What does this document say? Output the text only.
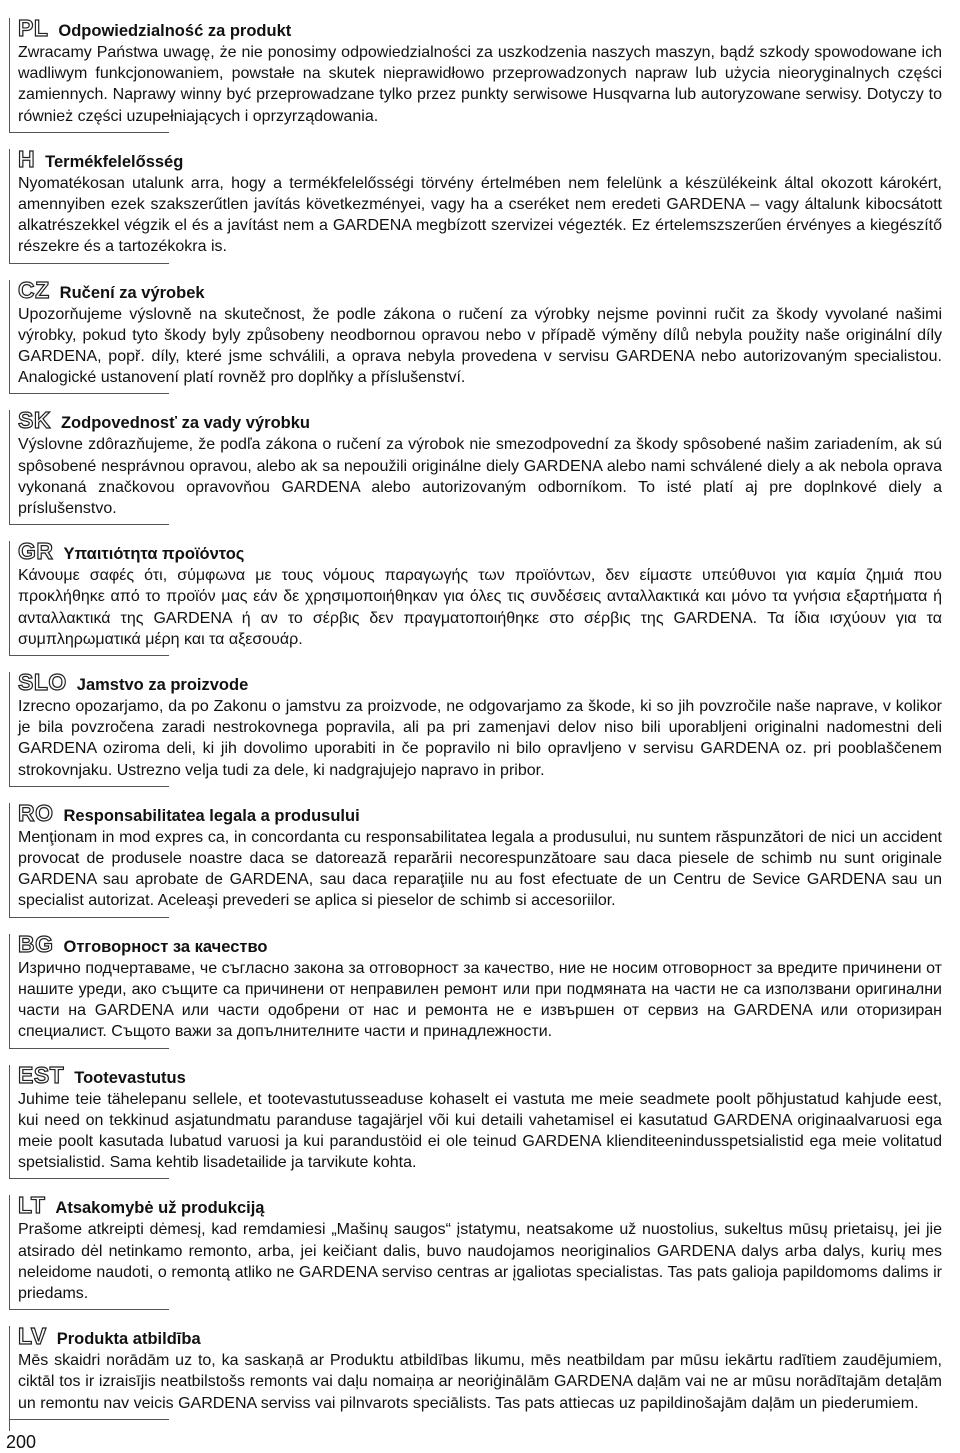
PL Odpowiedzialność za produkt
Zwracamy Państwa uwagę, że nie ponosimy odpowiedzialności za uszkodzenia naszych maszyn, bądź szkody spowodowane ich wadliwym funkcjonowaniem, powstałe na skutek nieprawidłowo przeprowadzonych napraw lub użycia nieoryginalnych części zamiennych. Naprawy winny być przeprowadzane tylko przez punkty serwisowe Husqvarna lub autoryzowane serwisy. Dotyczy to również części uzupełniających i oprzyrządowania.
H Termékfelelősség
Nyomatékosan utalunk arra, hogy a termékfelelősségi törvény értelmében nem felelünk a készülékeink által okozott károkért, amennyiben ezek szakszerűtlen javítás következményei, vagy ha a cseréket nem eredeti GARDENA – vagy általunk kibocsátott alkatrészekkel végzik el és a javítást nem a GARDENA megbízott szervizei végezték. Ez értelemszszerűen érvényes a kiegészítő részekre és a tartozékokra is.
CZ Ručení za výrobek
Upozorňujeme výslovně na skutečnost, že podle zákona o ručení za výrobky nejsme povinni ručit za škody vyvolané našimi výrobky, pokud tyto škody byly způsobeny neodbornou opravou nebo v případě výměny dílů nebyla použity naše originální díly GARDENA, popř. díly, které jsme schválili, a oprava nebyla provedena v servisu GARDENA nebo autorizovaným specialistou. Analogické ustanovení platí rovněž pro doplňky a příslušenství.
SK Zodpovednosť za vady výrobku
Výslovne zdôrazňujeme, že podľa zákona o ručení za výrobok nie smezodpovední za škody spôsobené našim zariadením, ak sú spôsobené nesprávnou opravou, alebo ak sa nepoužili originálne diely GARDENA alebo nami schválené diely a ak nebola oprava vykonaná značkovou opravovňou GARDENA alebo autorizovaným odborníkom. To isté platí aj pre doplnkové diely a príslušenstvo.
GR Υπαιτιότητα προϊόντος
Κάνουμε σαφές ότι, σύμφωνα με τους νόμους παραγωγής των προϊόντων, δεν είμαστε υπεύθυνοι για καμία ζημιά που προκλήθηκε από το προϊόν μας εάν δε χρησιμοποιήθηκαν για όλες τις συνδέσεις ανταλλακτικά και μόνο τα γνήσια εξαρτήματα ή ανταλλακτικά της GARDENA ή αν το σέρβις δεν πραγματοποιήθηκε στο σέρβις της GARDENA. Τα ίδια ισχύουν για τα συμπληρωματικά μέρη και τα αξεσουάρ.
SLO Jamstvo za proizvode
Izrecno opozarjamo, da po Zakonu o jamstvu za proizvode, ne odgovarjamo za škode, ki so jih povzročile naše naprave, v kolikor je bila povzročena zaradi nestrokovnega popravila, ali pa pri zamenjavi delov niso bili uporabljeni originalni nadomestni deli GARDENA oziroma deli, ki jih dovolimo uporabiti in če popravilo ni bilo opravljeno v servisu GARDENA oz. pri pooblaščenem strokovnjaku. Ustrezno velja tudi za dele, ki nadgrajujejo napravo in pribor.
RO Responsabilitatea legala a produsului
Menţionam in mod expres ca, in concordanta cu responsabilitatea legala a produsului, nu suntem răspunzători de nici un accident provocat de produsele noastre daca se datorează reparării necorespunzătoare sau daca piesele de schimb nu sunt originale GARDENA sau aprobate de GARDENA, sau daca reparaţiile nu au fost efectuate de un Centru de Sevice GARDENA sau un specialist autorizat. Aceleaşi prevederi se aplica si pieselor de schimb si accesoriilor.
BG Отговорност за качество
Изрично подчертаваме, че съгласно закона за отговорност за качество, ние не носим отговорност за вредите причинени от нашите уреди, ако същите са причинени от неправилен ремонт или при подмяната на части не са използвани оригинални части на GARDENA или части одобрени от нас и ремонта не е извършен от сервиз на GARDENA или оторизиран специалист. Същото важи за допълнителните части и принадлежности.
EST Tootevastutus
Juhime teie tähelepanu sellele, et tootevastutusseaduse kohaselt ei vastuta me meie seadmete poolt põhjustatud kahjude eest, kui need on tekkinud asjatundmatu paranduse tagajärjel või kui detaili vahetamisel ei kasutatud GARDENA originaalvaruosi ega meie poolt kasutada lubatud varuosi ja kui parandustöid ei ole teinud GARDENA klienditeenindusspetsialistid ega meie volitatud spetsialistid. Sama kehtib lisadetailide ja tarvikute kohta.
LT Atsakomybė už produkciją
Prašome atkreipti dėmesį, kad remdamiesi „Mašinų saugos“ įstatymu, neatsakome už nuostolius, sukeltus mūsų prietaisų, jei jie atsirado dėl netinkamo remonto, arba, jei keičiant dalis, buvo naudojamos neoriginalios GARDENA dalys arba dalys, kurių mes neleidome naudoti, o remontą atliko ne GARDENA serviso centras ar įgaliotas specialistas. Tas pats galioja papildomoms dalims ir priedams.
LV Produkta atbildība
Mēs skaidri norādām uz to, ka saskaņā ar Produktu atbildības likumu, mēs neatbildam par mūsu iekārtu radītiem zaudējumiem, ciktāl tos ir izraisījis neatbilstošs remonts vai daļu nomaiņa ar neoriģinālām GARDENA daļām vai ne ar mūsu norādītajām detaļām un remontu nav veicis GARDENA serviss vai pilnvarots speciālists. Tas pats attiecas uz papildinošajām daļām un piederumiem.
200
